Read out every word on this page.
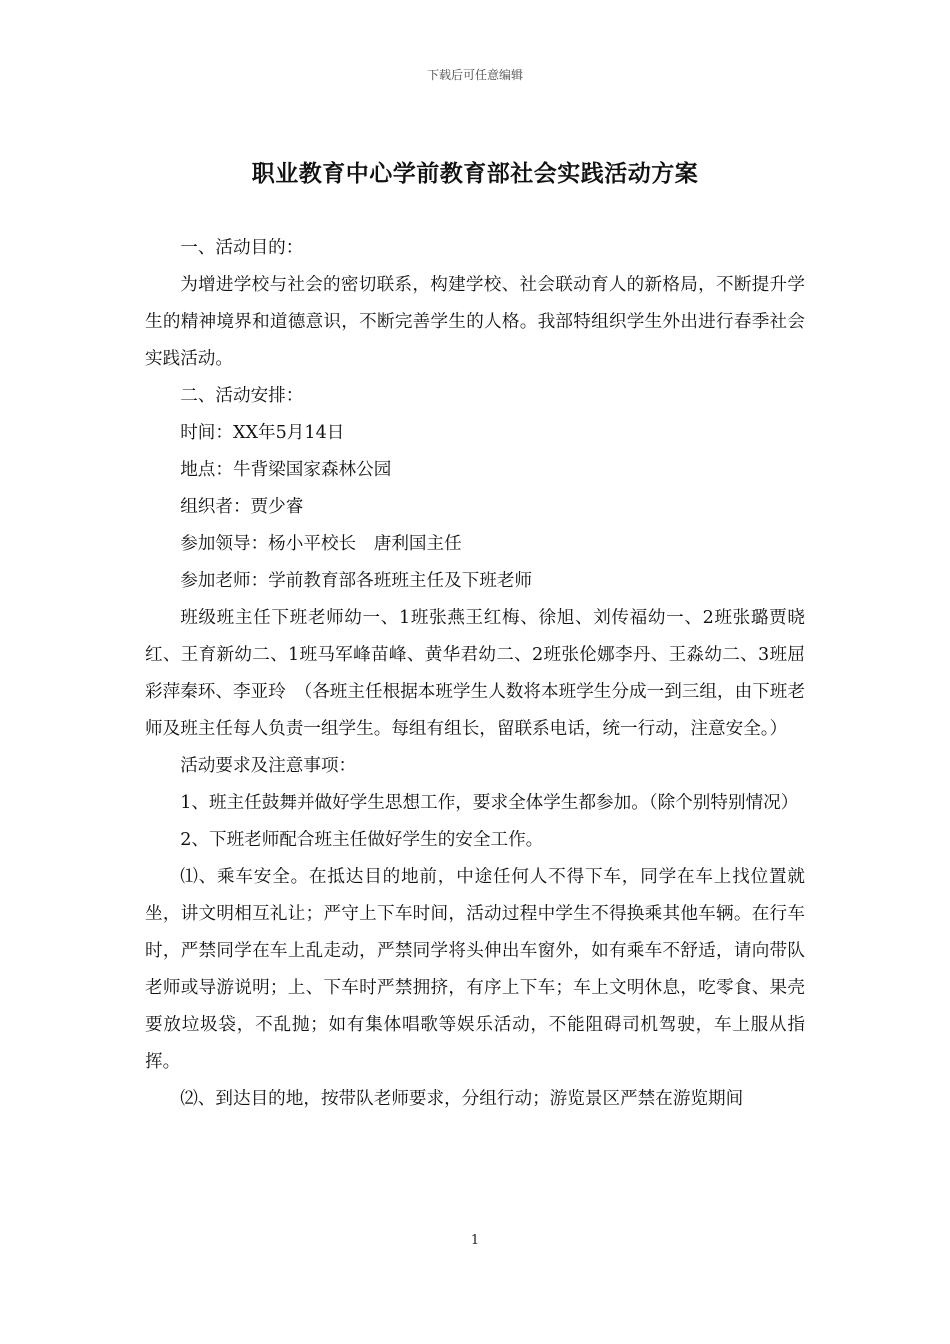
下载后可任意编辑
职业教育中心学前教育部社会实践活动方案

一、活动目的：

为增进学校与社会的密切联系，构建学校、社会联动育人的新格局，不断提升学生的精神境界和道德意识，不断完善学生的人格。我部特组织学生外出进行春季社会实践活动。

二、活动安排：

时间：XX年5月14日

地点：牛背梁国家森林公园

组织者：贾少睿

参加领导：杨小平校长　唐利国主任

参加老师：学前教育部各班班主任及下班老师

班级班主任下班老师幼一、1班张燕王红梅、徐旭、刘传福幼一、2班张璐贾晓红、王育新幼二、1班马军峰苗峰、黄华君幼二、2班张伦娜李丹、王淼幼二、3班屈彩萍秦环、李亚玲　（各班主任根据本班学生人数将本班学生分成一到三组，由下班老师及班主任每人负责一组学生。每组有组长，留联系电话，统一行动，注意安全。）

活动要求及注意事项：

1、班主任鼓舞并做好学生思想工作，要求全体学生都参加。（除个别特别情况）

2、下班老师配合班主任做好学生的安全工作。

⑴、乘车安全。在抵达目的地前，中途任何人不得下车，同学在车上找位置就坐，讲文明相互礼让；严守上下车时间，活动过程中学生不得换乘其他车辆。在行车时，严禁同学在车上乱走动，严禁同学将头伸出车窗外，如有乘车不舒适，请向带队老师或导游说明；上、下车时严禁拥挤，有序上下车；车上文明休息，吃零食、果壳要放垃圾袋，不乱抛；如有集体唱歌等娱乐活动，不能阻碍司机驾驶，车上服从指挥。

⑵、到达目的地，按带队老师要求，分组行动；游览景区严禁在游览期间

1
